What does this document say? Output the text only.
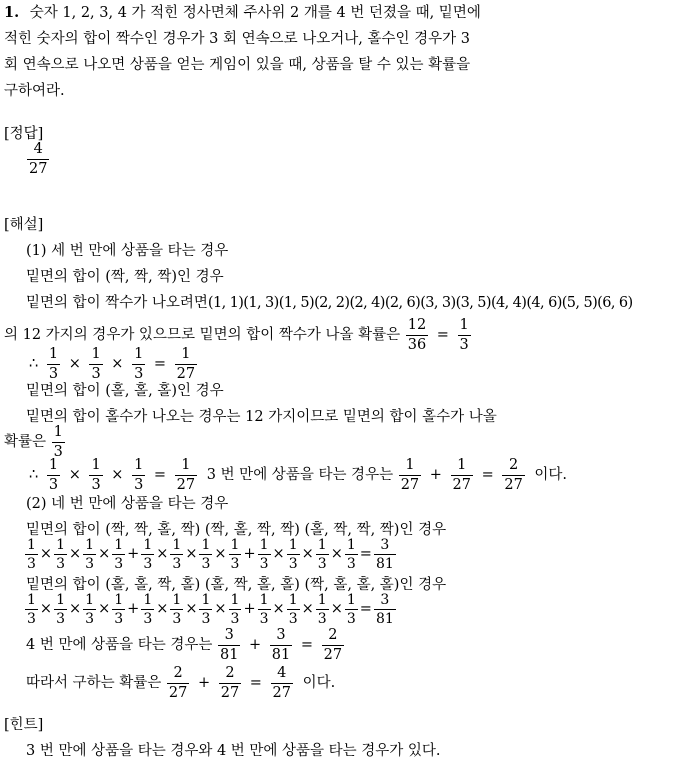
1. 숫자 1, 2, 3, 4 가 적힌 정사면체 주사위 2 개를 4 번 던졌을 때, 밑면에
적힌 숫자의 합이 짝수인 경우가 3 회 연속으로 나오거나, 홀수인 경우가 3
회 연속으로 나오면 상품을 얻는 게임이 있을 때, 상품을 탈 수 있는 확률을
구하여라.
[정답]
$\frac{4}{27}$
[해설]
(1) 세 번 만에 상품을 타는 경우
밑면의 합이 (짝, 짝, 짝)인 경우
밑면의 합이 짝수가 나오려면(1, 1)(1, 3)(1, 5)(2, 2)(2, 4)(2, 6)(3, 3)(3, 5)(4, 4)(4, 6)(5, 5)(6, 6)
의 12 가지의 경우가 있으므로 밑면의 합이 짝수가 나올 확률은 $\frac{12}{36} = \frac{1}{3}$
∴ $\frac{1}{3} \times \frac{1}{3} \times \frac{1}{3} = \frac{1}{27}$
밑면의 합이 (홀, 홀, 홀)인 경우
밑면의 합이 홀수가 나오는 경우는 12 가지이므로 밑면의 합이 홀수가 나올
확률은 $\frac{1}{3}$
∴ $\frac{1}{3} \times \frac{1}{3} \times \frac{1}{3} = \frac{1}{27} 3$ 번 만에 상품을 타는 경우는 $\frac{1}{27} + \frac{1}{27} = \frac{2}{27}$ 이다.
(2) 네 번 만에 상품을 타는 경우
밑면의 합이 (짝, 짝, 홀, 짝) (짝, 홀, 짝, 짝) (홀, 짝, 짝, 짝)인 경우
$\frac{1}{3} \times \frac{1}{3} \times \frac{1}{3} \times \frac{1}{3} + \frac{1}{3} \times \frac{1}{3} \times \frac{1}{3} \times \frac{1}{3} + \frac{1}{3} \times \frac{1}{3} \times \frac{1}{3} \times \frac{1}{3} = \frac{3}{81}$
밑면의 합이 (홀, 홀, 짝, 홀) (홀, 짝, 홀, 홀) (짝, 홀, 홀, 홀)인 경우
$\frac{1}{3} \times \frac{1}{3} \times \frac{1}{3} \times \frac{1}{3} + \frac{1}{3} \times \frac{1}{3} \times \frac{1}{3} \times \frac{1}{3} + \frac{1}{3} \times \frac{1}{3} \times \frac{1}{3} \times \frac{1}{3} = \frac{3}{81}$
4 번 만에 상품을 타는 경우는 $\frac{3}{81} + \frac{3}{81} = \frac{2}{27}$
따라서 구하는 확률은 $\frac{2}{27} + \frac{2}{27} = \frac{4}{27}$ 이다.
[힌트]
3 번 만에 상품을 타는 경우와 4 번 만에 상품을 타는 경우가 있다.
